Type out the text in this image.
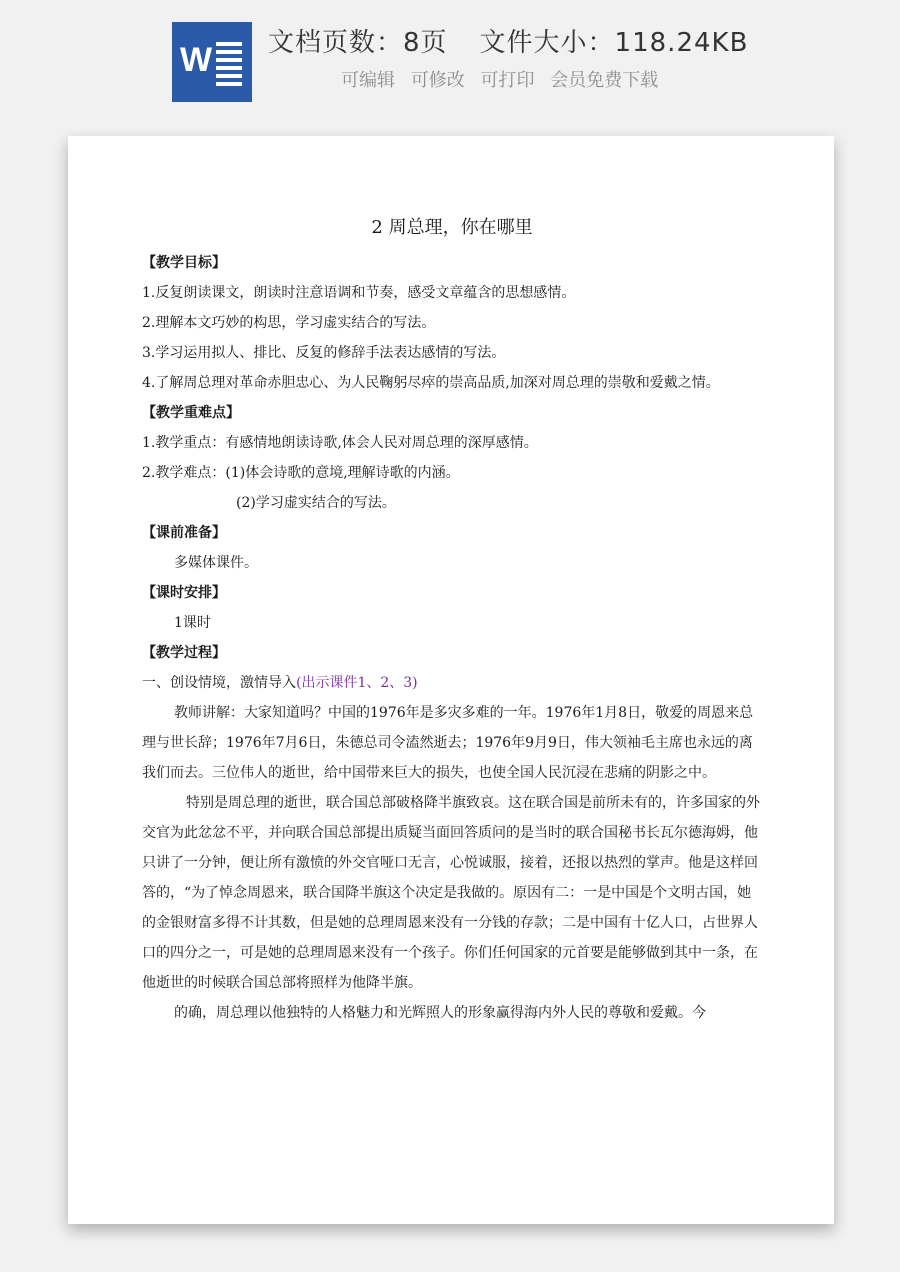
W 文档页数：8页 文件大小：118.24KB
可编辑 可修改 可打印 会员免费下载
2 周总理，你在哪里

【教学目标】

1.反复朗读课文，朗读时注意语调和节奏，感受文章蕴含的思想感情。

2.理解本文巧妙的构思，学习虚实结合的写法。

3.学习运用拟人、排比、反复的修辞手法表达感情的写法。

4.了解周总理对革命赤胆忠心、为人民鞠躬尽瘁的崇高品质,加深对周总理的崇敬和爱戴之情。

【教学重难点】

1.教学重点：有感情地朗读诗歌,体会人民对周总理的深厚感情。

2.教学难点：(1)体会诗歌的意境,理解诗歌的内涵。

(2)学习虚实结合的写法。

【课前准备】

多媒体课件。

【课时安排】

1课时

【教学过程】

一、创设情境，激情导入(出示课件1、2、3)

教师讲解：大家知道吗？中国的1976年是多灾多难的一年。1976年1月8日，敬爱的周恩来总理与世长辞；1976年7月6日，朱德总司令溘然逝去；1976年9月9日，伟大领袖毛主席也永远的离我们而去。三位伟人的逝世，给中国带来巨大的损失，也使全国人民沉浸在悲痛的阴影之中。

特别是周总理的逝世，联合国总部破格降半旗致哀。这在联合国是前所未有的，许多国家的外交官为此忿忿不平，并向联合国总部提出质疑当面回答质问的是当时的联合国秘书长瓦尔德海姆，他只讲了一分钟，便让所有激愤的外交官哑口无言，心悦诚服，接着，还报以热烈的掌声。他是这样回答的，“为了悼念周恩来，联合国降半旗这个决定是我做的。原因有二：一是中国是个文明古国，她的金银财富多得不计其数，但是她的总理周恩来没有一分钱的存款；二是中国有十亿人口，占世界人口的四分之一，可是她的总理周恩来没有一个孩子。你们任何国家的元首要是能够做到其中一条，在他逝世的时候联合国总部将照样为他降半旗。

的确，周总理以他独特的人格魅力和光辉照人的形象赢得海内外人民的尊敬和爱戴。今
